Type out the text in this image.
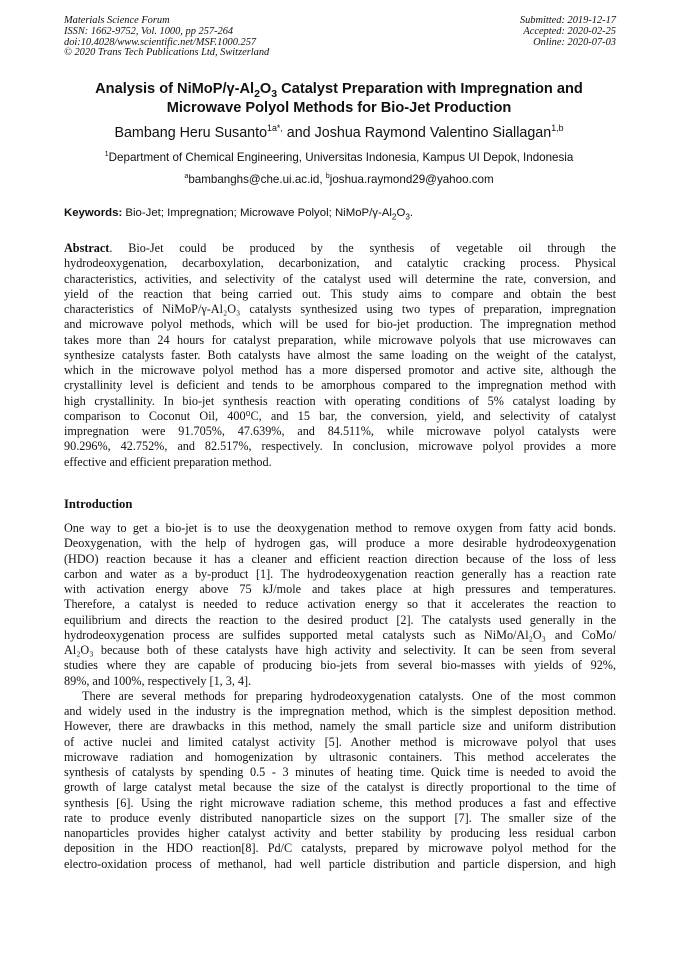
Materials Science Forum
ISSN: 1662-9752, Vol. 1000, pp 257-264
doi:10.4028/www.scientific.net/MSF.1000.257
© 2020 Trans Tech Publications Ltd, Switzerland
Submitted: 2019-12-17
Accepted: 2020-02-25
Online: 2020-07-03
Analysis of NiMoP/$\gamma-Al_2O_3$ Catalyst Preparation with Impregnation and
Microwave Polyol Methods for Bio-Jet Production
Bambang Heru Susanto$^{1a*,}$ and Joshua Raymond Valentino Siallagan$^{1,b}$
$^1$Department of Chemical Engineering, Universitas Indonesia, Kampus UI Depok, Indonesia
$^a$bambanghs@che.ui.ac.id, $^b$joshua.raymond29@yahoo.com
Keywords: Bio-Jet; Impregnation; Microwave Polyol; NiMoP/$\gamma-Al_2O_3$.
Abstract. Bio-Jet could be produced by the synthesis of vegetable oil through the
hydrodeoxygenation, decarboxylation, decarbonization, and catalytic cracking process. Physical
characteristics, activities, and selectivity of the catalyst used will determine the rate, conversion, and
yield of the reaction that being carried out. This study aims to compare and obtain the best
characteristics of NiMoP/γ-Al₂O₃ catalysts synthesized using two types of preparation, impregnation
and microwave polyol methods, which will be used for bio-jet production. The impregnation method
takes more than 24 hours for catalyst preparation, while microwave polyols that use microwaves can
synthesize catalysts faster. Both catalysts have almost the same loading on the weight of the catalyst,
which in the microwave polyol method has a more dispersed promotor and active site, although the
crystallinity level is deficient and tends to be amorphous compared to the impregnation method with
high crystallinity. In bio-jet synthesis reaction with operating conditions of 5% catalyst loading by
comparison to Coconut Oil, 400⁰C, and 15 bar, the conversion, yield, and selectivity of catalyst
impregnation were 91.705%, 47.639%, and 84.511%, while microwave polyol catalysts were
90.296%, 42.752%, and 82.517%, respectively. In conclusion, microwave polyol provides a more
effective and efficient preparation method.
Introduction
One way to get a bio-jet is to use the deoxygenation method to remove oxygen from fatty acid bonds.
Deoxygenation, with the help of hydrogen gas, will produce a more desirable hydrodeoxygenation
(HDO) reaction because it has a cleaner and efficient reaction direction because of the loss of less
carbon and water as a by-product [1]. The hydrodeoxygenation reaction generally has a reaction rate
with activation energy above 75 kJ/mole and takes place at high pressures and temperatures.
Therefore, a catalyst is needed to reduce activation energy so that it accelerates the reaction to
equilibrium and directs the reaction to the desired product [2]. The catalysts used generally in the
hydrodeoxygenation process are sulfides supported metal catalysts such as NiMo/Al₂O₃ and CoMo/
Al₂O₃ because both of these catalysts have high activity and selectivity. It can be seen from several
studies where they are capable of producing bio-jets from several bio-masses with yields of 92%,
89%, and 100%, respectively [1, 3, 4].
There are several methods for preparing hydrodeoxygenation catalysts. One of the most common
and widely used in the industry is the impregnation method, which is the simplest deposition method.
However, there are drawbacks in this method, namely the small particle size and uniform distribution
of active nuclei and limited catalyst activity [5]. Another method is microwave polyol that uses
microwave radiation and homogenization by ultrasonic containers. This method accelerates the
synthesis of catalysts by spending 0.5 - 3 minutes of heating time. Quick time is needed to avoid the
growth of large catalyst metal because the size of the catalyst is directly proportional to the time of
synthesis [6]. Using the right microwave radiation scheme, this method produces a fast and effective
rate to produce evenly distributed nanoparticle sizes on the support [7]. The smaller size of the
nanoparticles provides higher catalyst activity and better stability by producing less residual carbon
deposition in the HDO reaction[8]. Pd/C catalysts, prepared by microwave polyol method for the
electro-oxidation process of methanol, had well particle distribution and particle dispersion, and high
